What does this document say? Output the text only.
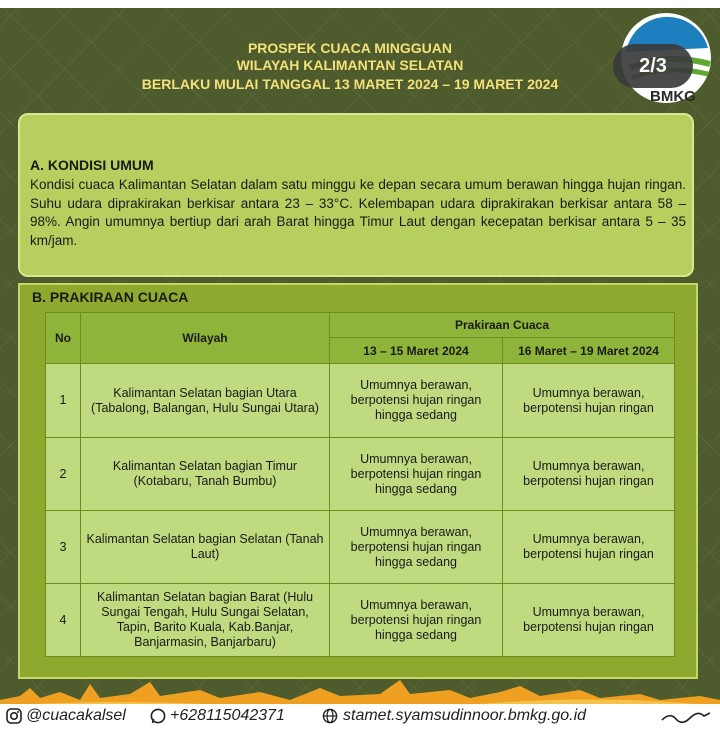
PROSPEK CUACA MINGGUAN
WILAYAH KALIMANTAN SELATAN
BERLAKU MULAI TANGGAL 13 MARET 2024 – 19 MARET 2024
2/3
BMKG
A. KONDISI UMUM
Kondisi cuaca Kalimantan Selatan dalam satu minggu ke depan secara umum berawan hingga hujan ringan. Suhu udara diprakirakan berkisar antara 23 – 33°C. Kelembapan udara diprakirakan berkisar antara 58 – 98%. Angin umumnya bertiup dari arah Barat hingga Timur Laut dengan kecepatan berkisar antara 5 – 35 km/jam.
B. PRAKIRAAN CUACA
No	Wilayah	Prakiraan Cuaca	
		13 – 15 Maret 2024	16 Maret – 19 Maret 2024
1	Kalimantan Selatan bagian Utara (Tabalong, Balangan, Hulu Sungai Utara)	Umumnya berawan, berpotensi hujan ringan hingga sedang	Umumnya berawan, berpotensi hujan ringan
2	Kalimantan Selatan bagian Timur (Kotabaru, Tanah Bumbu)	Umumnya berawan, berpotensi hujan ringan hingga sedang	Umumnya berawan, berpotensi hujan ringan
3	Kalimantan Selatan bagian Selatan (Tanah Laut)	Umumnya berawan, berpotensi hujan ringan hingga sedang	Umumnya berawan, berpotensi hujan ringan
4	Kalimantan Selatan bagian Barat (Hulu Sungai Tengah, Hulu Sungai Selatan, Tapin, Barito Kuala, Kab.Banjar, Banjarmasin, Banjarbaru)	Umumnya berawan, berpotensi hujan ringan hingga sedang	Umumnya berawan, berpotensi hujan ringan
@cuacakalsel	+628115042371	stamet.syamsudinnoor.bmkg.go.id
